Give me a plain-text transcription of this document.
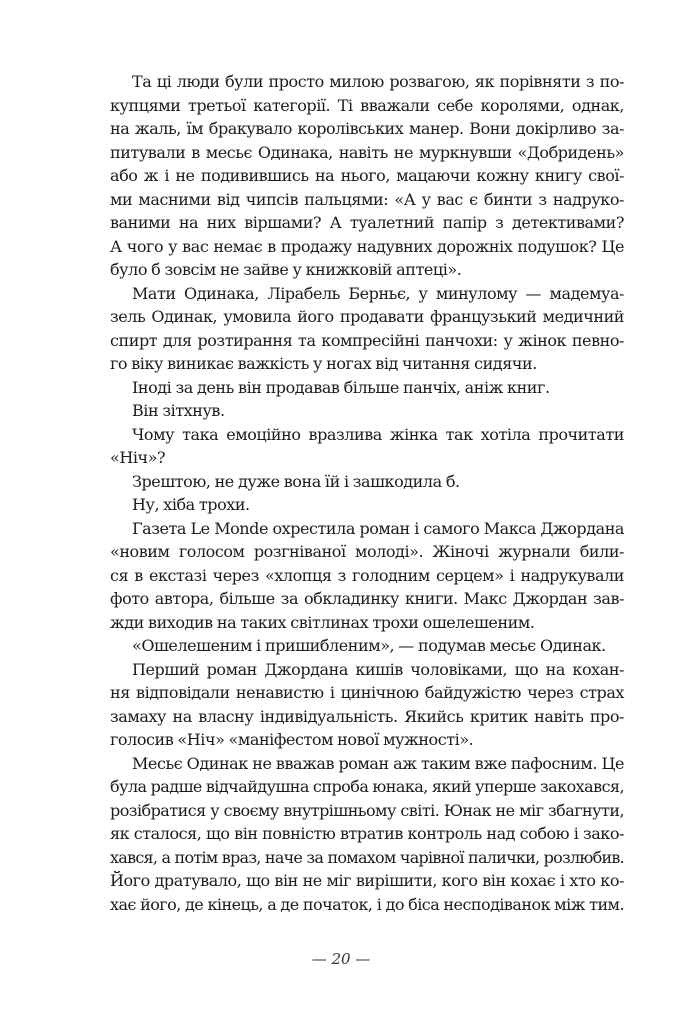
Та ці люди були просто милою розвагою, як порівняти з по-
купцями третьої категорії. Ті вважали себе королями, однак,
на жаль, їм бракувало королівських манер. Вони докірливо за-
питували в месьє Одинака, навіть не муркнувши «Добридень»
або ж і не подивившись на нього, мацаючи кожну книгу свої-
ми масними від чипсів пальцями: «А у вас є бинти з надруко-
ваними на них віршами? А туалетний папір з детективами?
А чого у вас немає в продажу надувних дорожніх подушок? Це
було б зовсім не зайве у книжковій аптеці».
Мати Одинака, Лірабель Берньє, у минулому — мадемуа-
зель Одинак, умовила його продавати французький медичний
спирт для розтирання та компресійні панчохи: у жінок певно-
го віку виникає важкість у ногах від читання сидячи.
Іноді за день він продавав більше панчіх, аніж книг.
Він зітхнув.
Чому така емоційно вразлива жінка так хотіла прочитати
«Ніч»?
Зрештою, не дуже вона їй і зашкодила б.
Ну, хіба трохи.
Газета Le Monde охрестила роман і самого Макса Джордана
«новим голосом розгніваної молоді». Жіночі журнали били-
ся в екстазі через «хлопця з голодним серцем» і надрукували
фото автора, більше за обкладинку книги. Макс Джордан зав-
жди виходив на таких світлинах трохи ошелешеним.
«Ошелешеним і пришибленим», — подумав месьє Одинак.
Перший роман Джордана кишів чоловіками, що на кохан-
ня відповідали ненавистю і цинічною байдужістю через страх
замаху на власну індивідуальність. Якийсь критик навіть про-
голосив «Ніч» «маніфестом нової мужності».
Месьє Одинак не вважав роман аж таким вже пафосним. Це
була радше відчайдушна спроба юнака, який уперше закохався,
розібратися у своєму внутрішньому світі. Юнак не міг збагнути,
як сталося, що він повністю втратив контроль над собою і зако-
хався, а потім враз, наче за помахом чарівної палички, розлюбив.
Його дратувало, що він не міг вирішити, кого він кохає і хто ко-
хає його, де кінець, а де початок, і до біса несподіванок між тим.
— 20 —
